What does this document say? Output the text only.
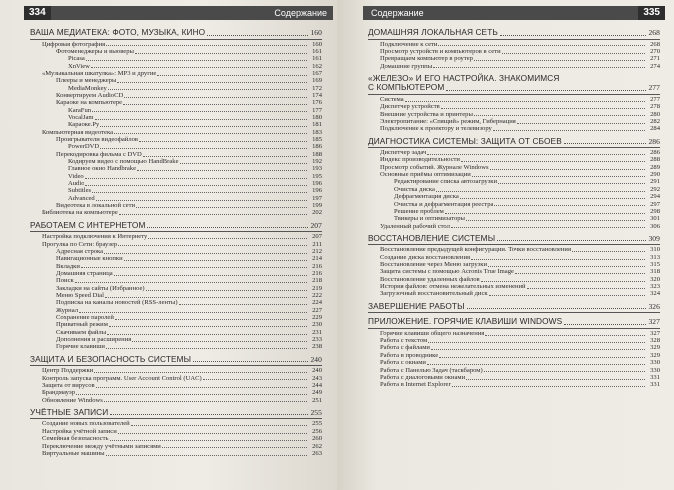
334	Содержание
ВАША МЕДИАТЕКА: ФОТО, МУЗЫКА, КИНО	160
Цифровая фотография	160
Фотоменеджеры и вьюверы	161
Picasa	161
XnView	162
«Музыкальная шкатулка»: MP3 и другие	167
Плееры и менеджеры	169
MediaMonkey	172
Конвертируем AudioCD	174
Караоке на компьютере	176
KaraFun	177
VocalJam	180
Караоке.Ру	181
Компьютерная видеотека	183
Проигрыватели видеофайлов	185
PowerDVD	186
Перекодировка фильма с DVD	188
Кодируем видео с помощью HandBrake	192
Главное окно Handbrake	193
Video	195
Audio	196
Subtitles	196
Advanced	197
Видеотека в локальной сети	199
Библиотека на компьютере	202
РАБОТАЕМ С ИНТЕРНЕТОМ	207
Настройка подключения к Интернету	207
Прогулка по Сети: браузер	211
Адресная строка	212
Навигационные кнопки	214
Вкладки	216
Домашняя страница	216
Поиск	218
Закладки на сайты (Избранное)	219
Меню Speed Dial	222
Подписка на каналы новостей (RSS-ленты)	224
Журнал	227
Сохранение паролей	229
Приватный режим	230
Скачиваем файлы	231
Дополнения и расширения	233
Горячие клавиши	238
ЗАЩИТА И БЕЗОПАСНОСТЬ СИСТЕМЫ	240
Центр Поддержки	240
Контроль запуска программ. User Account Control (UAC)	243
Защита от вирусов	244
Брандмауэр	249
Обновление Windows	251
УЧЁТНЫЕ ЗАПИСИ	255
Создание новых пользователей	255
Настройка учётной записи	256
Семейная безопасность	260
Переключение между учётными записями	262
Виртуальные машины	263
Содержание	335
ДОМАШНЯЯ ЛОКАЛЬНАЯ СЕТЬ	268
Подключение к сети	268
Просмотр устройств и компьютеров в сети	270
Превращаем компьютер в роутер	271
Домашние группы	274
«ЖЕЛЕЗО» И ЕГО НАСТРОЙКА. ЗНАКОМИМСЯ
С КОМПЬЮТЕРОМ	277
Система	277
Диспетчер устройств	278
Внешние устройства и принтеры	280
Электропитание: «Спящий» режим, Гибернация	282
Подключение к проектору и телевизору	284
ДИАГНОСТИКА СИСТЕМЫ: ЗАЩИТА ОТ СБОЕВ	286
Диспетчер задач	286
Индекс производительности	288
Просмотр событий. Журнале Windows	289
Основные приёмы оптимизации	290
Редактирование списка автозагрузки	291
Очистка диска	292
Дефрагментация диска	294
Очистка и дефрагментация реестра	297
Решение проблем	298
Твикеры и оптимизаторы	301
Удаленный рабочий стол	306
ВОССТАНОВЛЕНИЕ СИСТЕМЫ	309
Восстановление предыдущей конфигурации. Точки восстановления	310
Создание диска восстановления	313
Восстановление через Меню загрузки	315
Защита системы с помощью Acronis True Image	318
Восстановление удаленных файлов	320
История файлов: отмена нежелательных изменений	323
Загрузочный восстановительный диск	324
ЗАВЕРШЕНИЕ РАБОТЫ	326
ПРИЛОЖЕНИЕ. ГОРЯЧИЕ КЛАВИШИ WINDOWS	327
Горячие клавиши общего назначения	327
Работа с текстом	328
Работа с файлами	329
Работа в проводнике	329
Работа с окнами	330
Работа с Панелью Задач (таскбаром)	330
Работа с диалоговыми окнами	331
Работа в Internet Explorer	331
